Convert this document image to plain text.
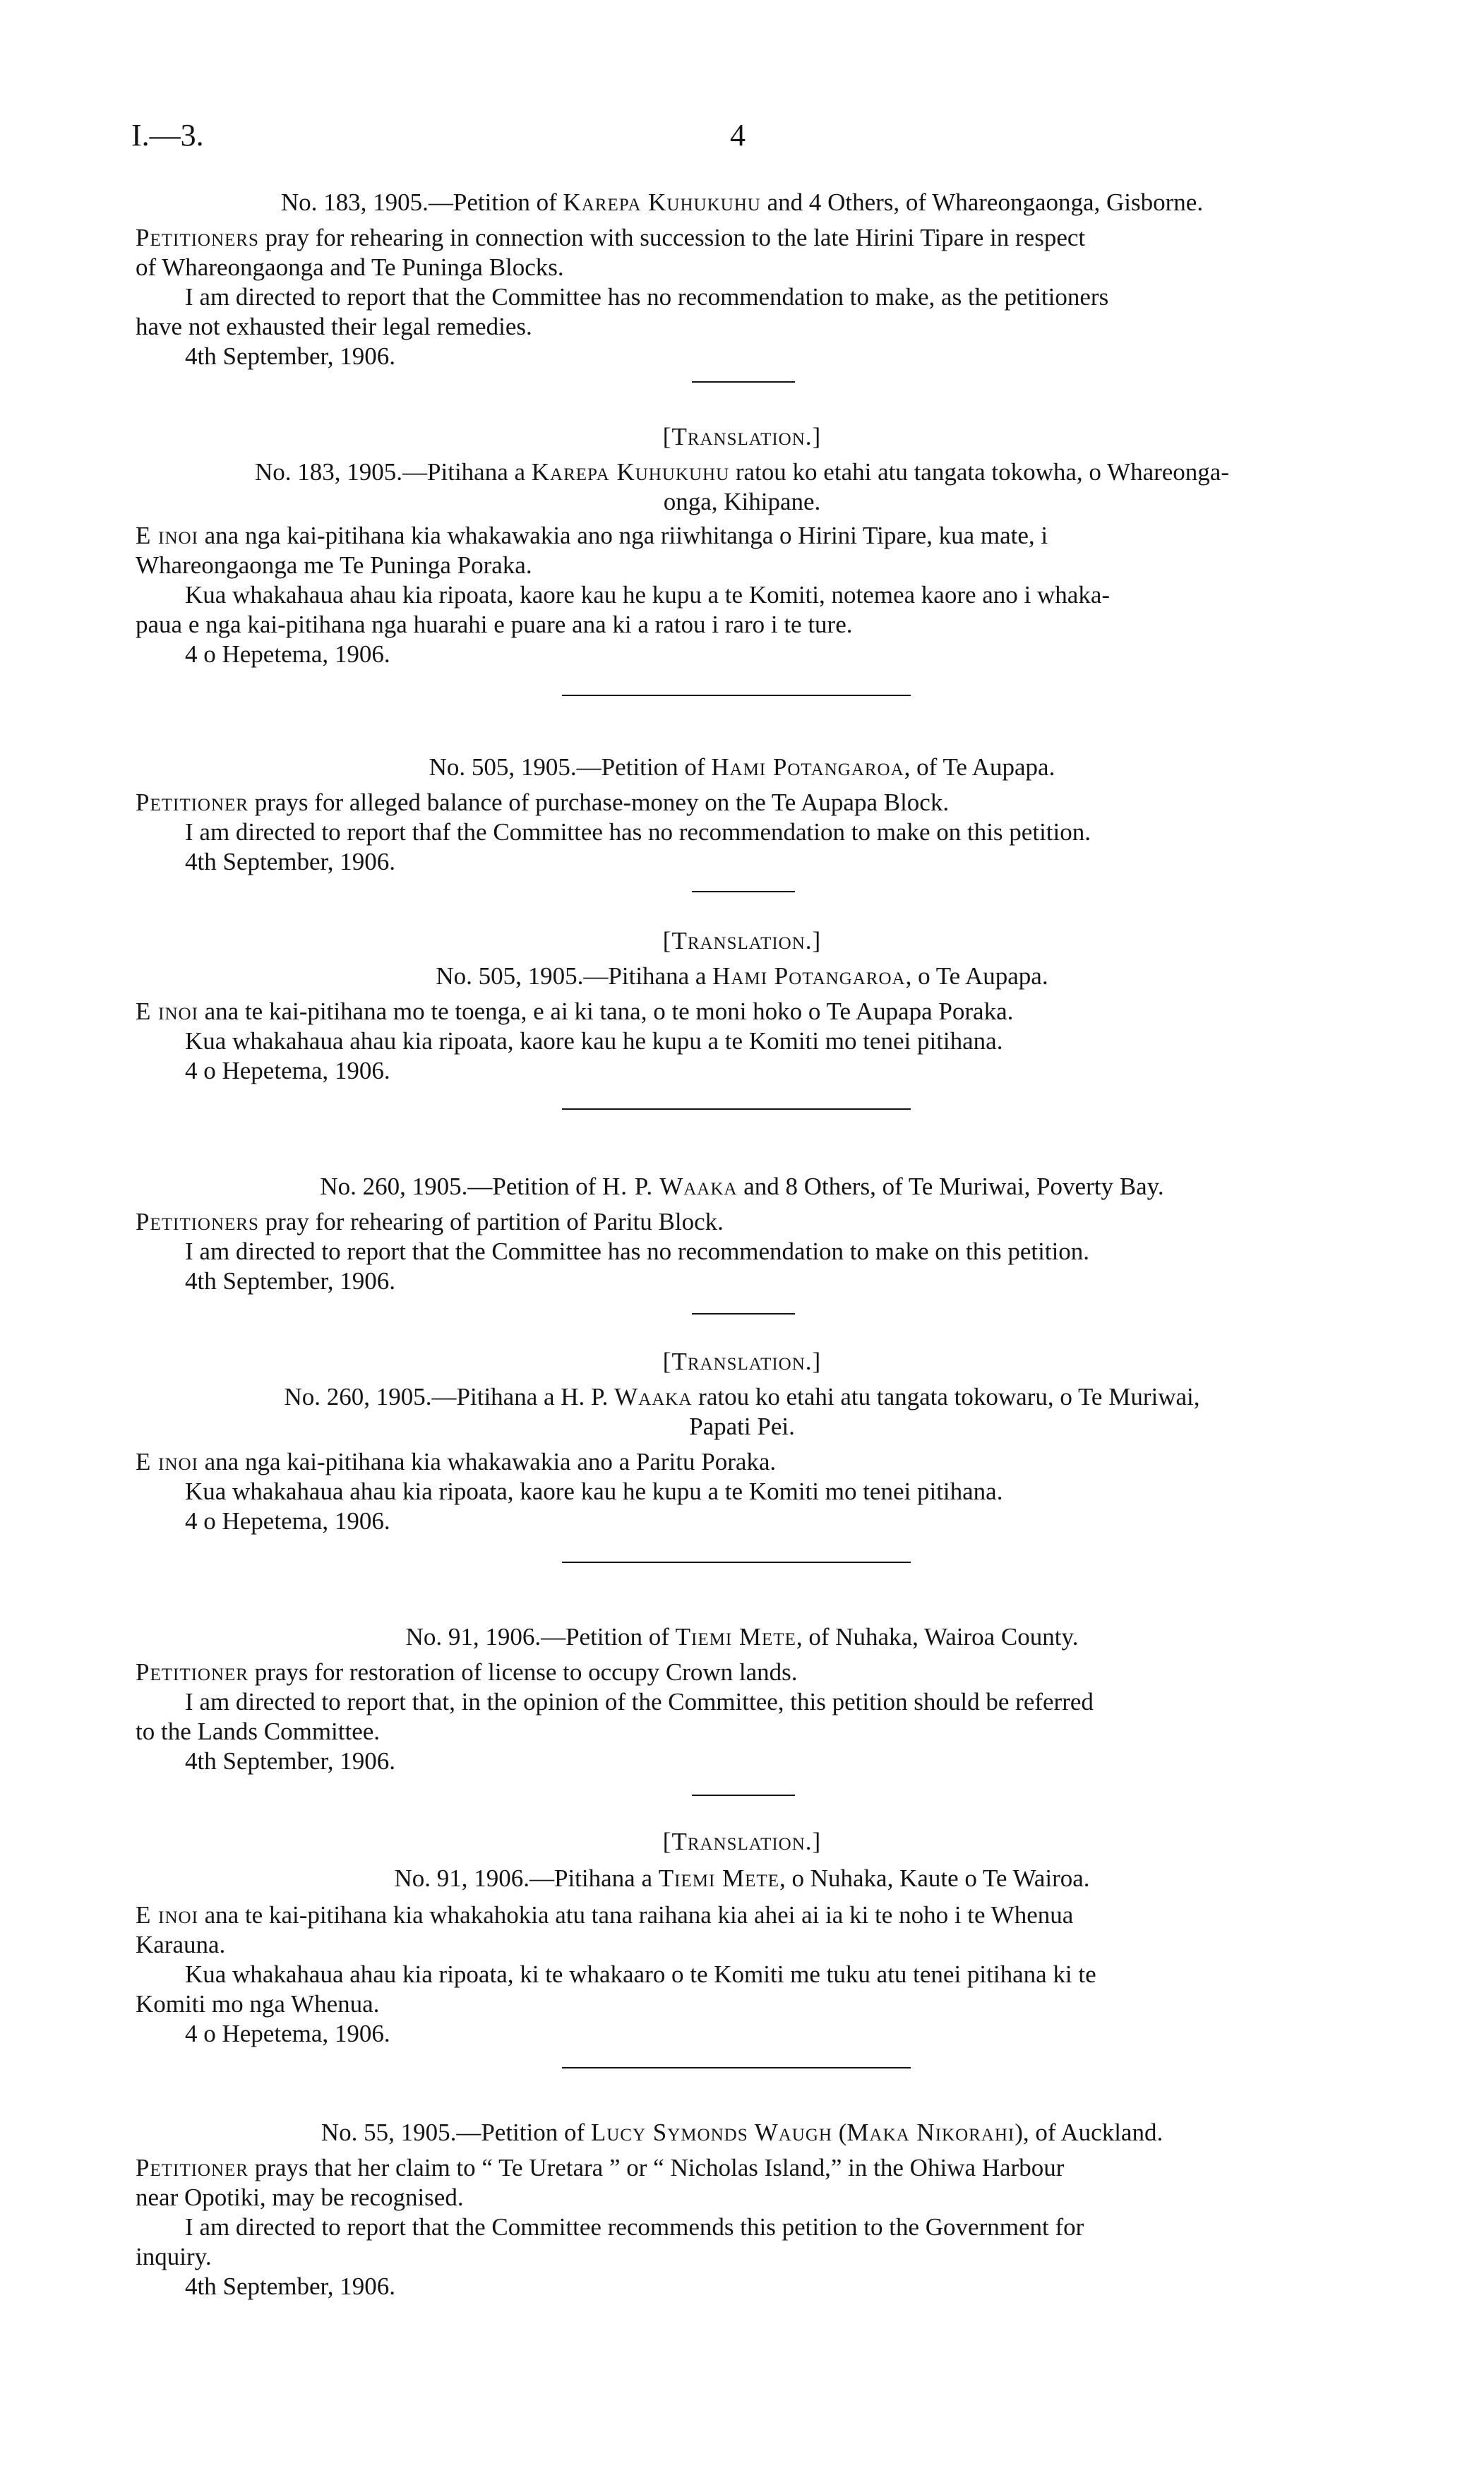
I.—3.	4
No. 183, 1905.—Petition of Karepa Kuhukuhu and 4 Others, of Whareongaonga, Gisborne.

Petitioners pray for rehearing in connection with succession to the late Hirini Tipare in respect

of Whareongaonga and Te Puninga Blocks.

I am directed to report that the Committee has no recommendation to make, as the petitioners

have not exhausted their legal remedies.

4th September, 1906.

[Translation.]
No. 183, 1905.—Pitihana a Karepa Kuhukuhu ratou ko etahi atu tangata tokowha, o Whareonga-
onga, Kihipane.

E inoi ana nga kai-pitihana kia whakawakia ano nga riiwhitanga o Hirini Tipare, kua mate, i

Whareongaonga me Te Puninga Poraka.

Kua whakahaua ahau kia ripoata, kaore kau he kupu a te Komiti, notemea kaore ano i whaka-

paua e nga kai-pitihana nga huarahi e puare ana ki a ratou i raro i te ture.

4 o Hepetema, 1906.

No. 505, 1905.—Petition of Hami Potangaroa, of Te Aupapa.

Petitioner prays for alleged balance of purchase-money on the Te Aupapa Block.

I am directed to report thaf the Committee has no recommendation to make on this petition.

4th September, 1906.

[Translation.]
No. 505, 1905.—Pitihana a Hami Potangaroa, o Te Aupapa.

E inoi ana te kai-pitihana mo te toenga, e ai ki tana, o te moni hoko o Te Aupapa Poraka.

Kua whakahaua ahau kia ripoata, kaore kau he kupu a te Komiti mo tenei pitihana.

4 o Hepetema, 1906.

No. 260, 1905.—Petition of H. P. Waaka and 8 Others, of Te Muriwai, Poverty Bay.

Petitioners pray for rehearing of partition of Paritu Block.

I am directed to report that the Committee has no recommendation to make on this petition.

4th September, 1906.

[Translation.]
No. 260, 1905.—Pitihana a H. P. Waaka ratou ko etahi atu tangata tokowaru, o Te Muriwai,
Papati Pei.

E inoi ana nga kai-pitihana kia whakawakia ano a Paritu Poraka.

Kua whakahaua ahau kia ripoata, kaore kau he kupu a te Komiti mo tenei pitihana.

4 o Hepetema, 1906.

No. 91, 1906.—Petition of Tiemi Mete, of Nuhaka, Wairoa County.

Petitioner prays for restoration of license to occupy Crown lands.

I am directed to report that, in the opinion of the Committee, this petition should be referred

to the Lands Committee.

4th September, 1906.

[Translation.]
No. 91, 1906.—Pitihana a Tiemi Mete, o Nuhaka, Kaute o Te Wairoa.

E inoi ana te kai-pitihana kia whakahokia atu tana raihana kia ahei ai ia ki te noho i te Whenua

Karauna.

Kua whakahaua ahau kia ripoata, ki te whakaaro o te Komiti me tuku atu tenei pitihana ki te

Komiti mo nga Whenua.

4 o Hepetema, 1906.

No. 55, 1905.—Petition of Lucy Symonds Waugh (Maka Nikorahi), of Auckland.

Petitioner prays that her claim to “ Te Uretara ” or “ Nicholas Island,” in the Ohiwa Harbour

near Opotiki, may be recognised.

I am directed to report that the Committee recommends this petition to the Government for

inquiry.

4th September, 1906.
